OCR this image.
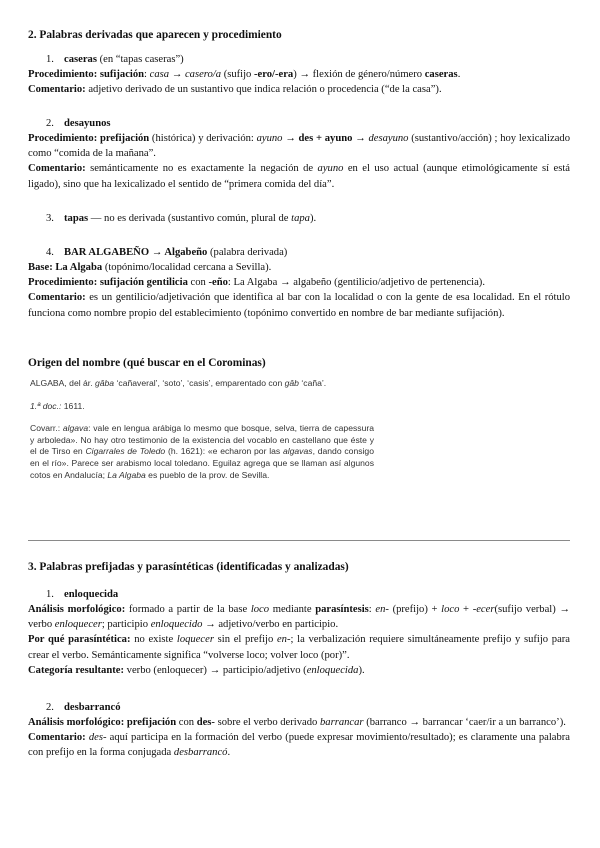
2. Palabras derivadas que aparecen y procedimiento
1. caseras (en “tapas caseras”)

Procedimiento: sufijación: casa → casero/a (sufijo -ero/-era) → flexión de género/número caseras.

Comentario: adjetivo derivado de un sustantivo que indica relación o procedencia (“de la casa”).

2. desayunos

Procedimiento: prefijación (histórica) y derivación: ayuno → des + ayuno → desayuno (sustantivo/acción) ; hoy lexicalizado como “comida de la mañana”.

Comentario: semánticamente no es exactamente la negación de ayuno en el uso actual (aunque etimológicamente sí está ligado), sino que ha lexicalizado el sentido de “primera comida del día”.

3. tapas — no es derivada (sustantivo común, plural de tapa).
4. BAR ALGABEÑO → Algabeño (palabra derivada)

Base: La Algaba (topónimo/localidad cercana a Sevilla).

Procedimiento: sufijación gentilicia con -eño: La Algaba → algabeño (gentilicio/adjetivo de pertenencia).

Comentario: es un gentilicio/adjetivación que identifica al bar con la localidad o con la gente de esa localidad. En el rótulo funciona como nombre propio del establecimiento (topónimo convertido en nombre de bar mediante sufijación).

Origen del nombre (qué buscar en el Corominas)

ALGABA, del ár. gâba ‘cañaveral’, ‘soto’, ‘casis’, emparentado con gâb ‘caña’.

1.ª doc.: 1611.

Covarr.: algava: vale en lengua arábiga lo mesmo que bosque, selva, tierra de capessura y arboleda». No hay otro testimonio de la existencia del vocablo en castellano que éste y el de Tirso en Cigarrales de Toledo (h. 1621): «e echaron por las algavas, dando consigo en el río». Parece ser arabismo local toledano. Eguilaz agrega que se llaman así algunos cotos en Andalucía; La Algaba es pueblo de la prov. de Sevilla.

3. Palabras prefijadas y parasíntéticas (identificadas y analizadas)
1. enloquecida

Análisis morfológico: formado a partir de la base loco mediante parasíntesis: en- (prefijo) + loco + -ecer(sufijo verbal) → verbo enloquecer; participio enloquecido → adjetivo/verbo en participio.

Por qué parasíntética: no existe loquecer sin el prefijo en-; la verbalización requiere simultáneamente prefijo y sufijo para crear el verbo. Semánticamente significa “volverse loco; volver loco (por)”.

Categoría resultante: verbo (enloquecer) → participio/adjetivo (enloquecida).

2. desbarrancó

Análisis morfológico: prefijación con des- sobre el verbo derivado barrancar (barranco → barrancar ‘caer/ir a un barranco’).

Comentario: des- aquí participa en la formación del verbo (puede expresar movimiento/resultado); es claramente una palabra con prefijo en la forma conjugada desbarrancó.
